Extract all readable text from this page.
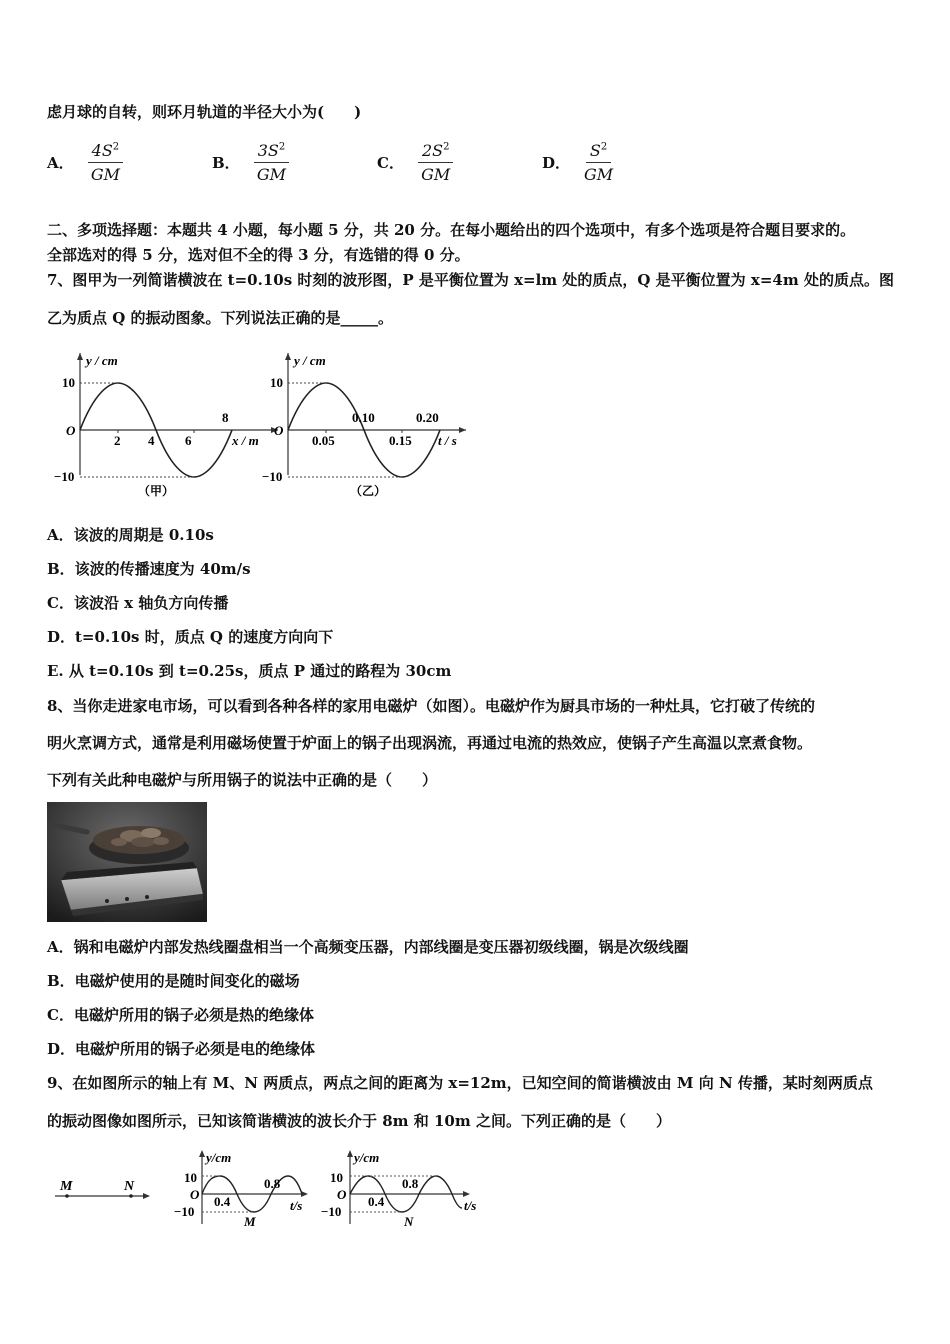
虑月球的自转，则环月轨道的半径大小为(　　)
A． $\frac{4S^2}{GM}$	B． $\frac{3S^2}{GM}$	C． $\frac{2S^2}{GM}$	D． $\frac{S^2}{GM}$
二、多项选择题：本题共 4 小题，每小题 5 分，共 20 分。在每小题给出的四个选项中，有多个选项是符合题目要求的。
全部选对的得 5 分，选对但不全的得 3 分，有选错的得 0 分。
7、图甲为一列简谐横波在 t=0.10s 时刻的波形图，P 是平衡位置为 x=lm 处的质点，Q 是平衡位置为 x=4m 处的质点。图
乙为质点 Q 的振动图象。下列说法正确的是_____。
y / cm
10
−10
O
2 4 6
8
x / m
（甲）
y / cm
10
−10
O
0.05
0.10
0.15
0.20
t / s
（乙）
A．该波的周期是 0.10s
B．该波的传播速度为 40m/s
C．该波沿 x 轴负方向传播
D．t=0.10s 时，质点 Q 的速度方向向下
E. 从 t=0.10s 到 t=0.25s，质点 P 通过的路程为 30cm
8、当你走进家电市场，可以看到各种各样的家用电磁炉（如图）。电磁炉作为厨具市场的一种灶具，它打破了传统的
明火烹调方式，通常是利用磁场使置于炉面上的锅子出现涡流，再通过电流的热效应，使锅子产生高温以烹煮食物。
下列有关此种电磁炉与所用锅子的说法中正确的是（　　）
A．锅和电磁炉内部发热线圈盘相当一个高频变压器，内部线圈是变压器初级线圈，锅是次级线圈
B．电磁炉使用的是随时间变化的磁场
C．电磁炉所用的锅子必须是热的绝缘体
D．电磁炉所用的锅子必须是电的绝缘体
9、在如图所示的轴上有 M、N 两质点，两点之间的距离为 x=12m，已知空间的简谐横波由 M 向 N 传播，某时刻两质点
的振动图像如图所示，已知该简谐横波的波长介于 8m 和 10m 之间。下列正确的是（　　）
M	N
y/cm
10
O
−10
0.4
0.8
M
t/s
y/cm
10
O
−10
0.4
0.8
N
t/s
